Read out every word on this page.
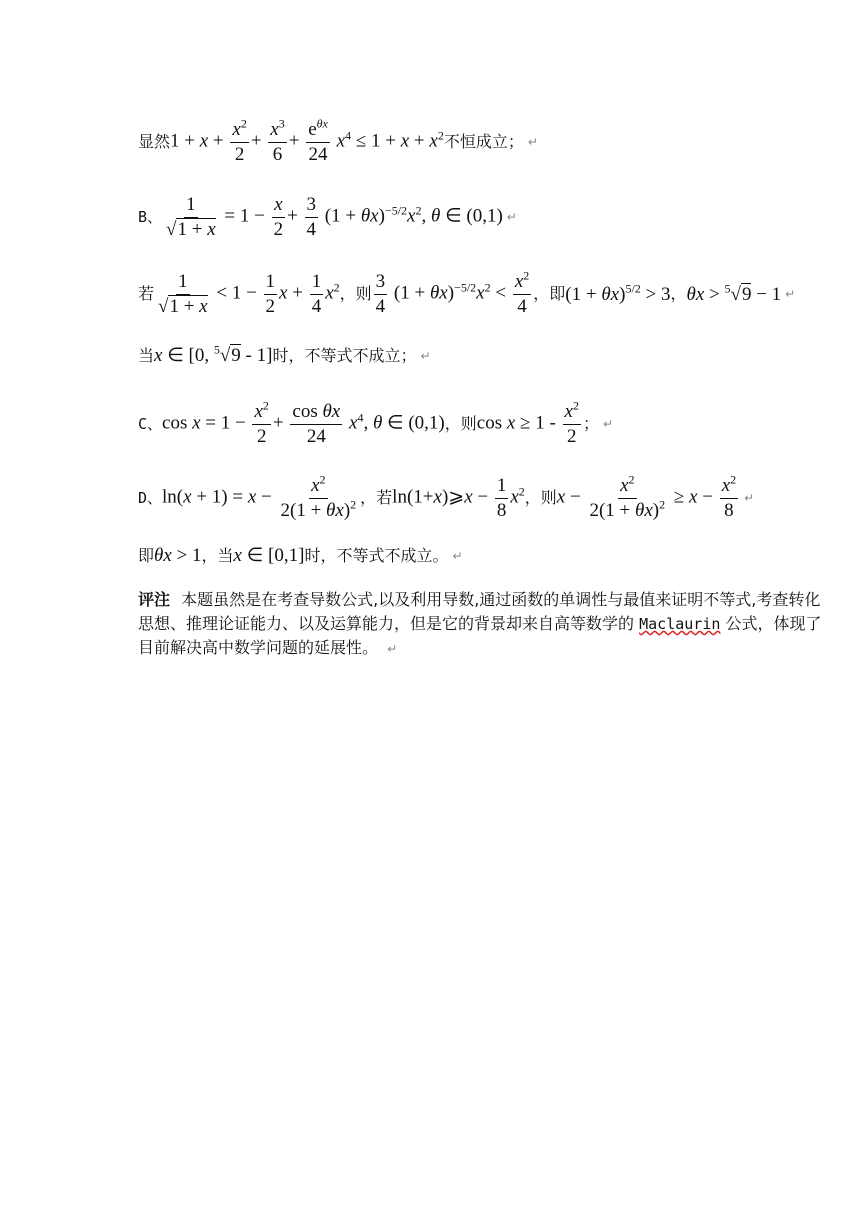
显然 $1 + x + \frac{x^2}{2} + \frac{x^3}{6} + \frac{e^{\theta x}}{24} x^4 \le 1 + x + x^2$ 不恒成立； ↵
B、 $\frac{1}{√1 + x} = 1 - \frac{x}{2} + \frac{3}{4} (1 + \theta x)^{-5/2}x^2$, θ ∈ (0,1) ↵
若 $\frac{1}{√1 + x} < 1 - \frac{1}{2}$ $x + \frac{1}{4} x^2$ ，则 $\frac{3}{4} (1 + \theta x)^{-5/2}x^2 < \frac{x^2}{4}$ ，即 $(1 + \theta x)^{5/2} > 3$ ， θx > $^5$√9 − 1 ↵
当 x ∈ [0, $^5$√9 - 1] 时，不等式不成立； ↵
C、 $\cos x = 1 - \frac{x^2}{2} + \frac{\text{cos θx}}{24} x^4$, θ ∈ (0,1) ，则 $\cos x \ge 1 - \frac{x^2}{2}$ ； ↵
D、 $\ln(x + 1) = x - \frac{x^2}{2(1 + \theta x)^2}$ ，若 ln(1+x)⩾x − $\frac{1}{8} x^2$ ，则 $x - \frac{x^2}{2(1 + \theta x)^2} \ge x - \frac{x^2}{8}$ ↵
即 θx > 1 ，当 x ∈ [0,1] 时，不等式不成立。 ↵
评注 本题虽然是在考查导数公式,以及利用导数,通过函数的单调性与最值来证明不等式,考查转化思想、推理论证能力、以及运算能力，但是它的背景却来自高等数学的 Maclaurin 公式，体现了目前解决高中数学问题的延展性。 ↵
